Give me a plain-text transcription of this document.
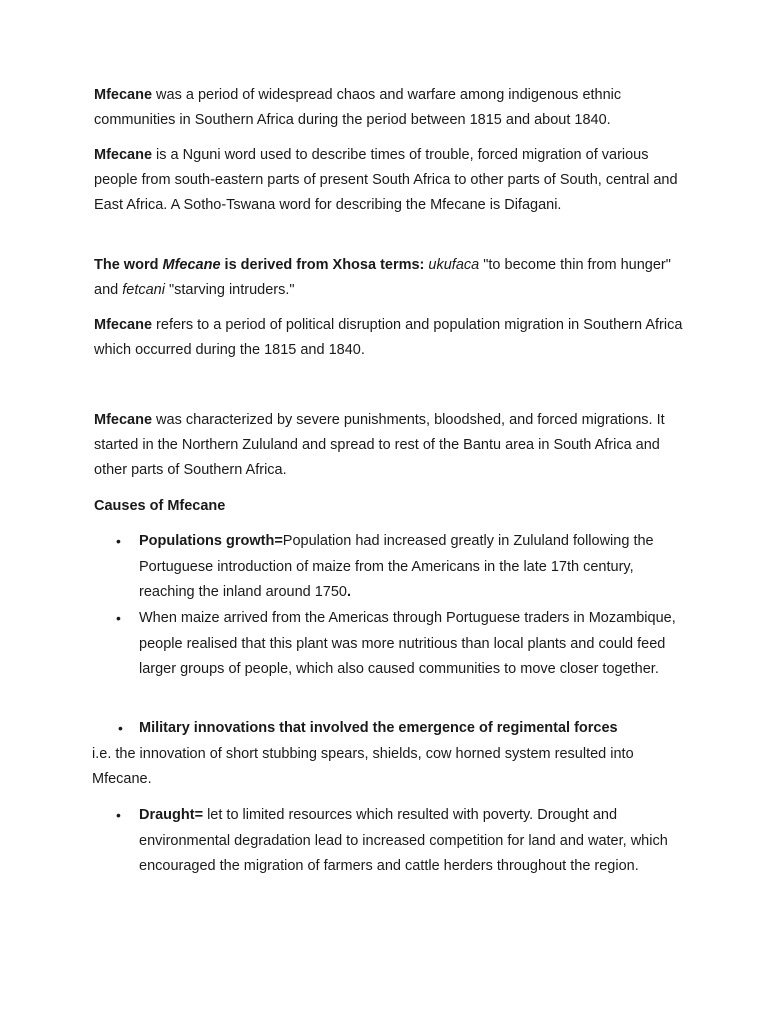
Mfecane was a period of widespread chaos and warfare among indigenous ethnic communities in Southern Africa during the period between 1815 and about 1840.

Mfecane is a Nguni word used to describe times of trouble, forced migration of various people from south-eastern parts of present South Africa to other parts of South, central and East Africa. A Sotho-Tswana word for describing the Mfecane is Difagani.

The word Mfecane is derived from Xhosa terms: ukufaca "to become thin from hunger" and fetcani "starving intruders."

Mfecane refers to a period of political disruption and population migration in Southern Africa which occurred during the 1815 and 1840.

Mfecane was characterized by severe punishments, bloodshed, and forced migrations. It started in the Northern Zululand and spread to rest of the Bantu area in South Africa and other parts of Southern Africa.

Causes of Mfecane

• Populations growth=Population had increased greatly in Zululand following the Portuguese introduction of maize from the Americans in the late 17th century, reaching the inland around 1750.
• When maize arrived from the Americas through Portuguese traders in Mozambique, people realised that this plant was more nutritious than local plants and could feed larger groups of people, which also caused communities to move closer together.
• Military innovations that involved the emergence of regimental forces

i.e. the innovation of short stubbing spears, shields, cow horned system resulted into Mfecane.

• Draught= let to limited resources which resulted with poverty. Drought and environmental degradation lead to increased competition for land and water, which encouraged the migration of farmers and cattle herders throughout the region.
